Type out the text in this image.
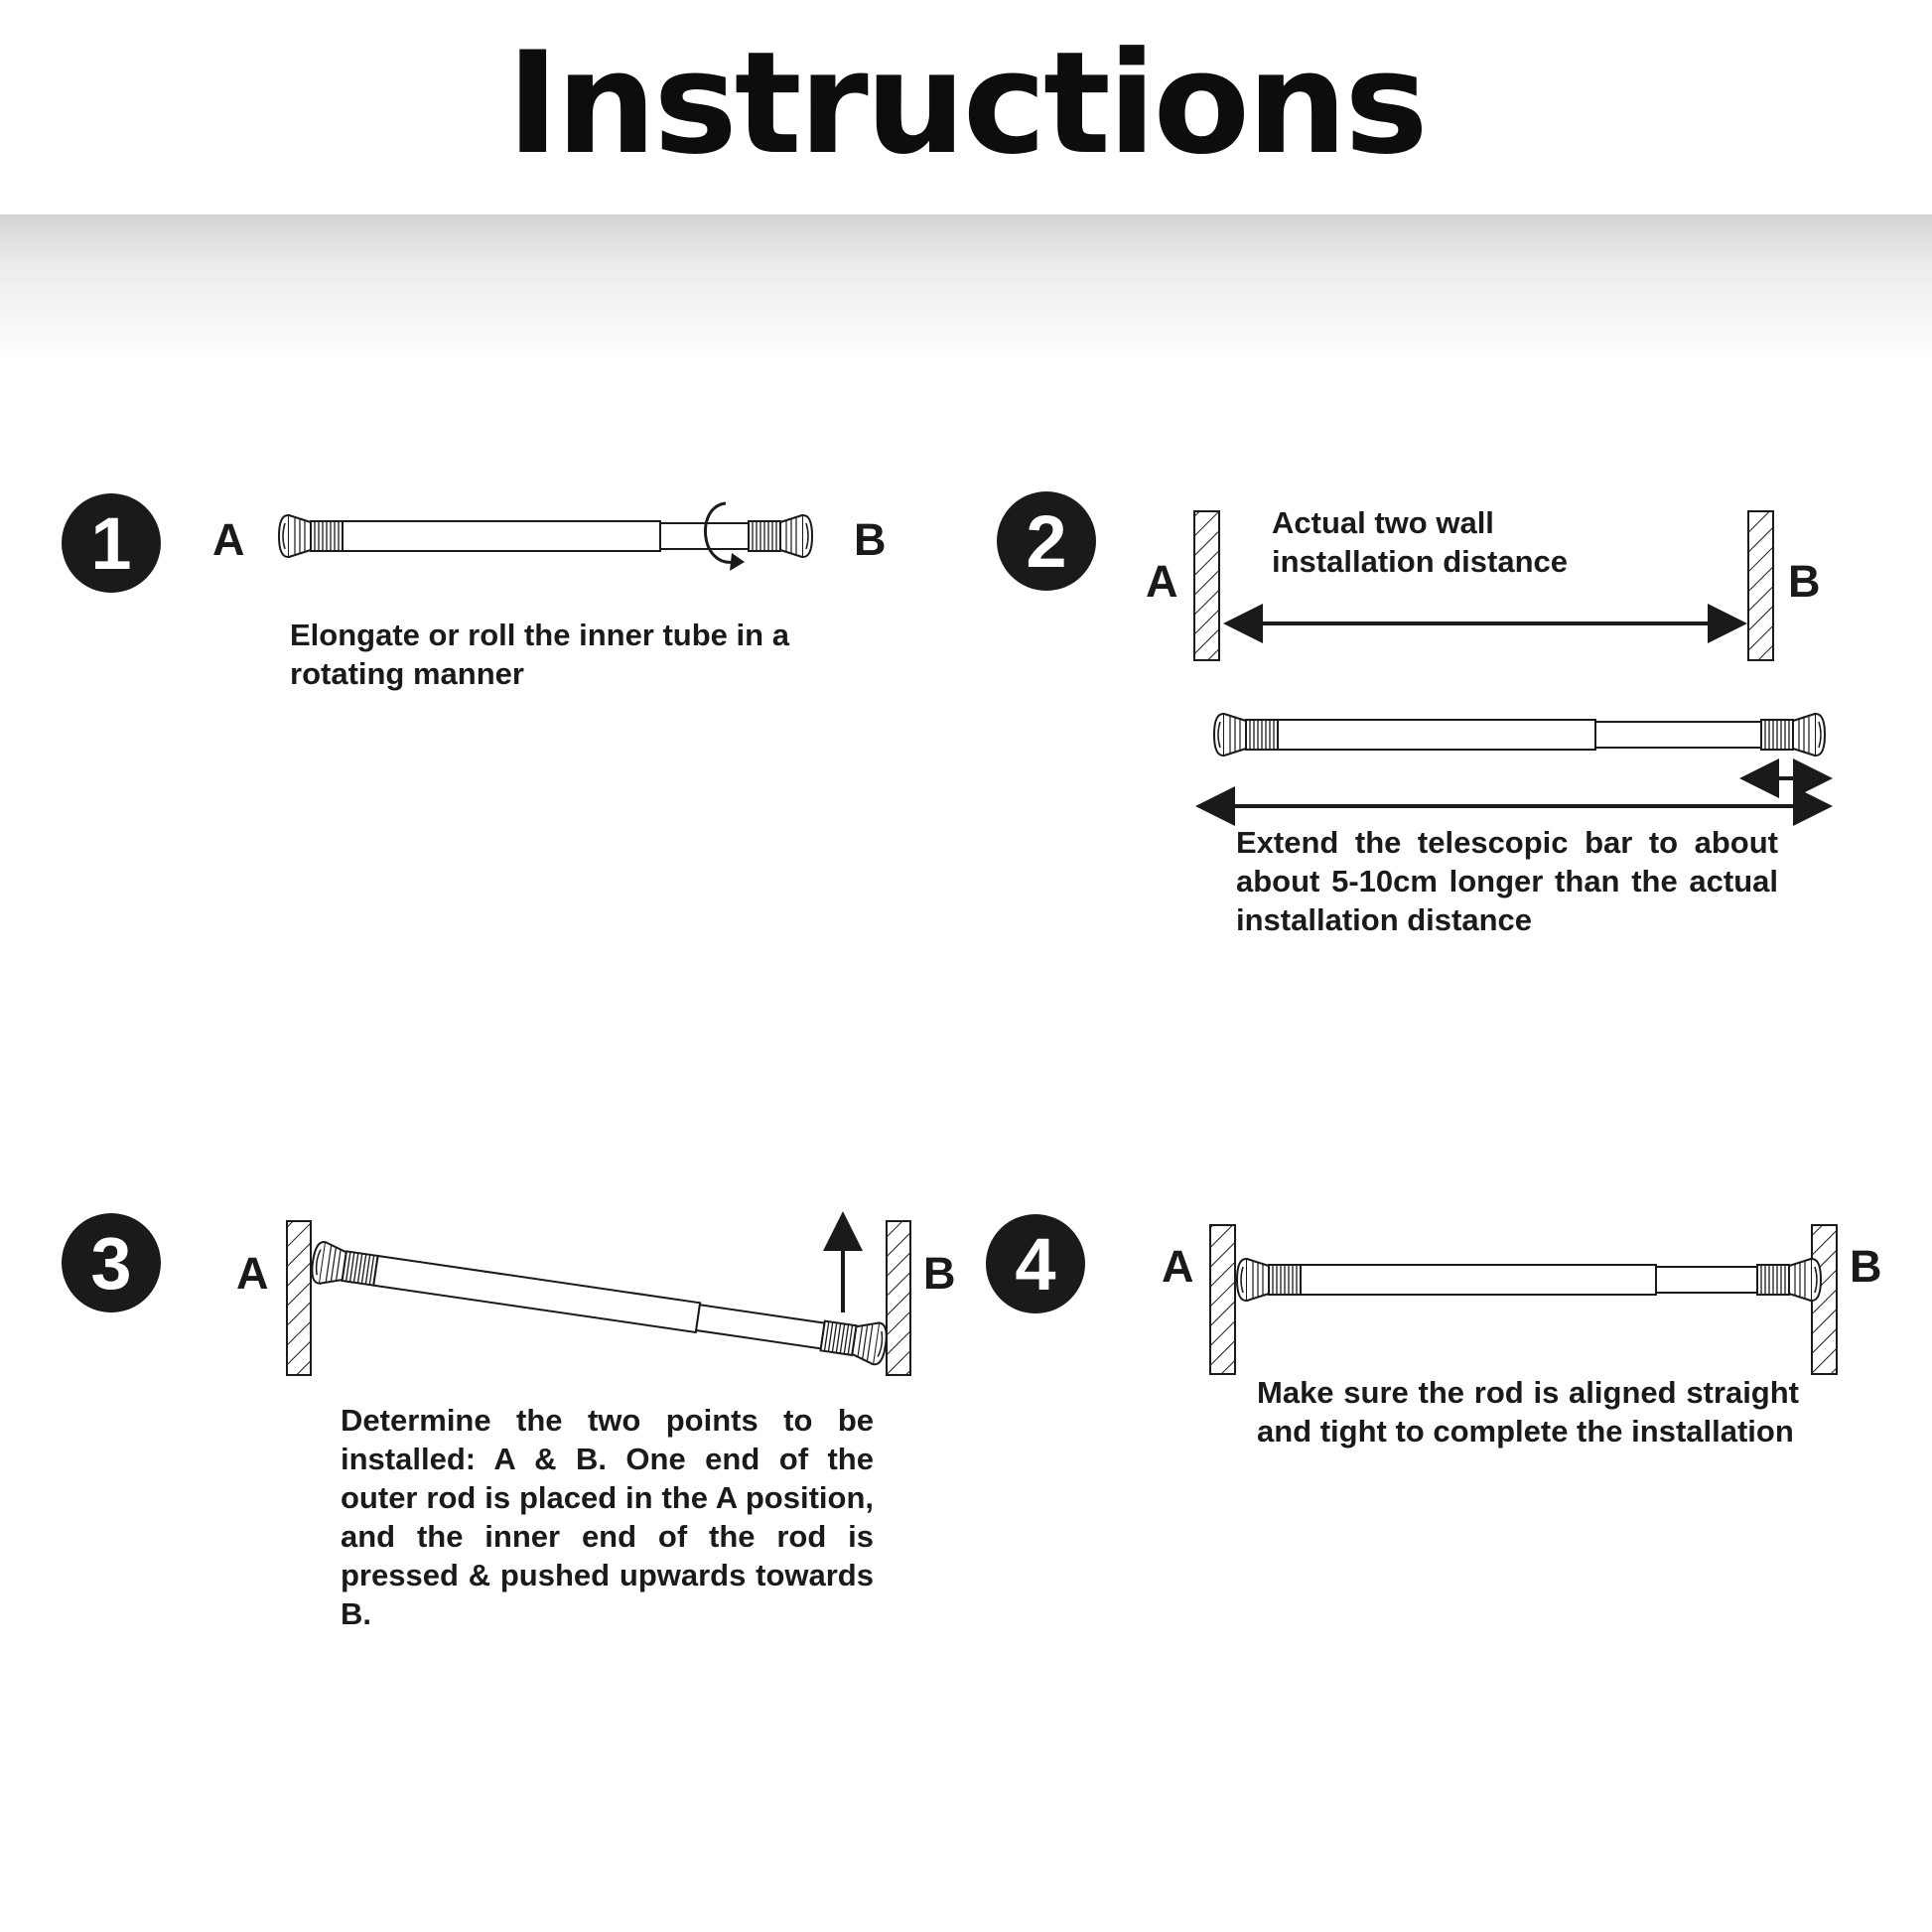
Instructions
1	2
3	4
A	B
Elongate or roll the inner tube in a rotating manner
A	B
Actual two wall
installation distance
Extend the telescopic bar to about about 5-10cm longer than the actual installation distance
A	B
Determine the two points to be installed: A & B. One end of the outer rod is placed in the A position, and the inner end of the rod is pressed & pushed upwards towards B.
A	B
Make sure the rod is aligned straight and tight to complete the installation
